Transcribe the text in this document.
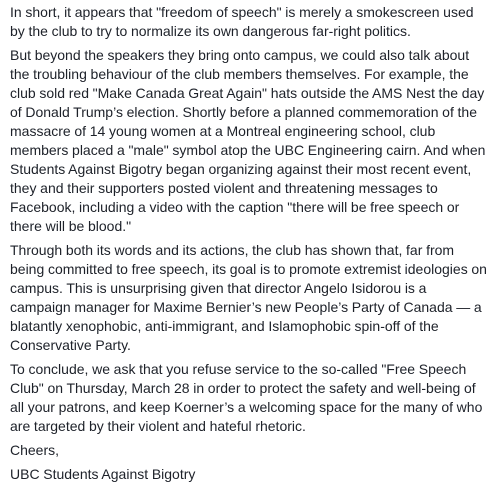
In short, it appears that "freedom of speech" is merely a smokescreen used by the club to try to normalize its own dangerous far-right politics.

But beyond the speakers they bring onto campus, we could also talk about the troubling behaviour of the club members themselves. For example, the club sold red "Make Canada Great Again" hats outside the AMS Nest the day of Donald Trump’s election. Shortly before a planned commemoration of the massacre of 14 young women at a Montreal engineering school, club members placed a "male" symbol atop the UBC Engineering cairn. And when Students Against Bigotry began organizing against their most recent event, they and their supporters posted violent and threatening messages to Facebook, including a video with the caption "there will be free speech or there will be blood."

Through both its words and its actions, the club has shown that, far from being committed to free speech, its goal is to promote extremist ideologies on campus. This is unsurprising given that director Angelo Isidorou is a campaign manager for Maxime Bernier’s new People’s Party of Canada — a blatantly xenophobic, anti-immigrant, and Islamophobic spin-off of the Conservative Party.

To conclude, we ask that you refuse service to the so-called "Free Speech Club" on Thursday, March 28 in order to protect the safety and well-being of all your patrons, and keep Koerner’s a welcoming space for the many of who are targeted by their violent and hateful rhetoric.

Cheers,

UBC Students Against Bigotry
